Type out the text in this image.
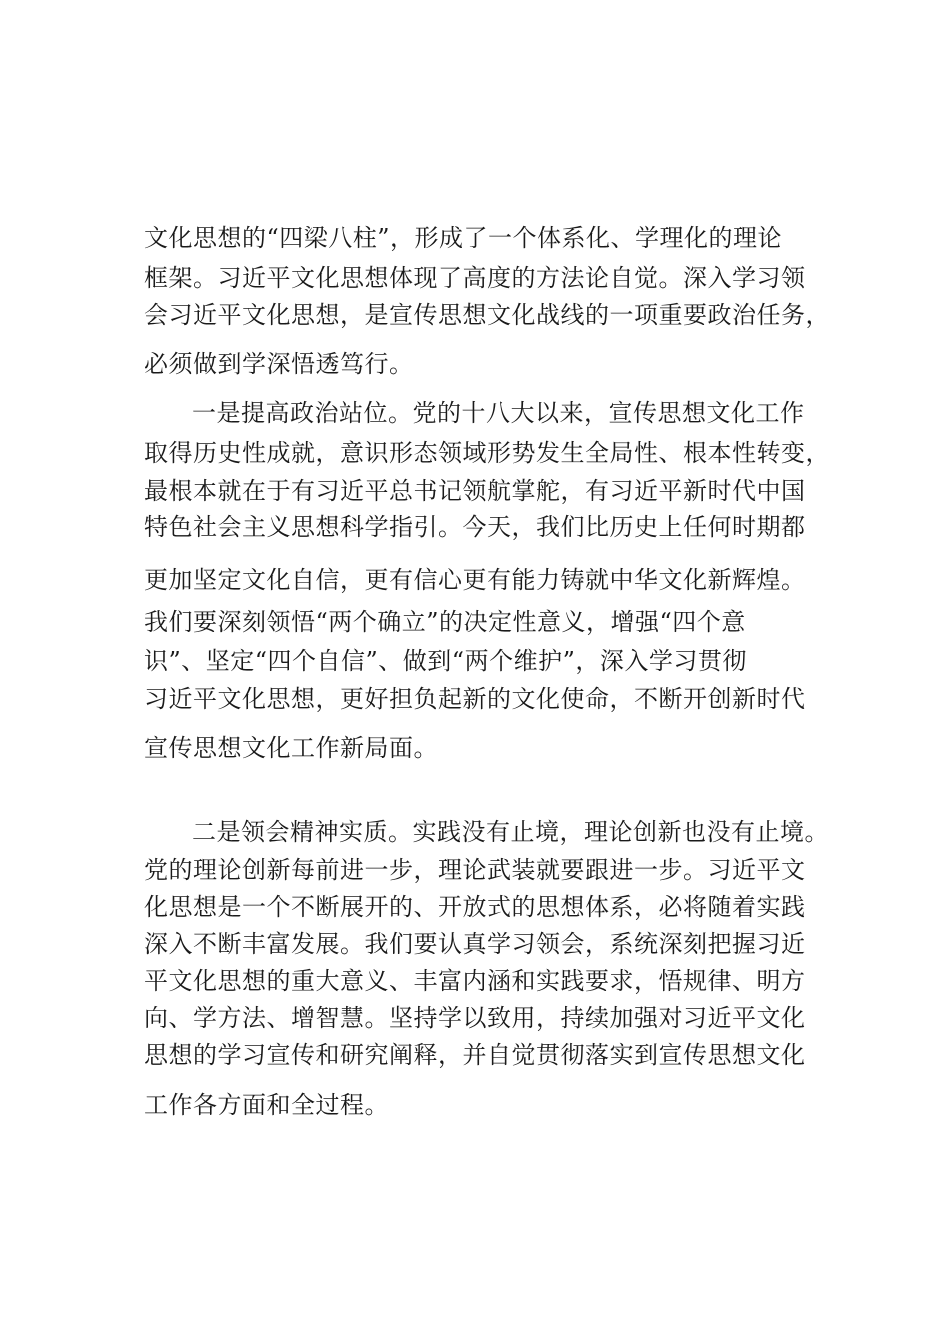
文化思想的“四梁八柱”，形成了一个体系化、学理化的理论
框架。习近平文化思想体现了高度的方法论自觉。深入学习领
会习近平文化思想，是宣传思想文化战线的一项重要政治任务，
必须做到学深悟透笃行。
一是提高政治站位。党的十八大以来，宣传思想文化工作
取得历史性成就，意识形态领域形势发生全局性、根本性转变，
最根本就在于有习近平总书记领航掌舵，有习近平新时代中国
特色社会主义思想科学指引。今天，我们比历史上任何时期都
更加坚定文化自信，更有信心更有能力铸就中华文化新辉煌。
我们要深刻领悟“两个确立”的决定性意义，增强“四个意
识”、坚定“四个自信”、做到“两个维护”，深入学习贯彻
习近平文化思想，更好担负起新的文化使命，不断开创新时代
宣传思想文化工作新局面。
二是领会精神实质。实践没有止境，理论创新也没有止境。
党的理论创新每前进一步，理论武装就要跟进一步。习近平文
化思想是一个不断展开的、开放式的思想体系，必将随着实践
深入不断丰富发展。我们要认真学习领会，系统深刻把握习近
平文化思想的重大意义、丰富内涵和实践要求，悟规律、明方
向、学方法、增智慧。坚持学以致用，持续加强对习近平文化
思想的学习宣传和研究阐释，并自觉贯彻落实到宣传思想文化
工作各方面和全过程。
